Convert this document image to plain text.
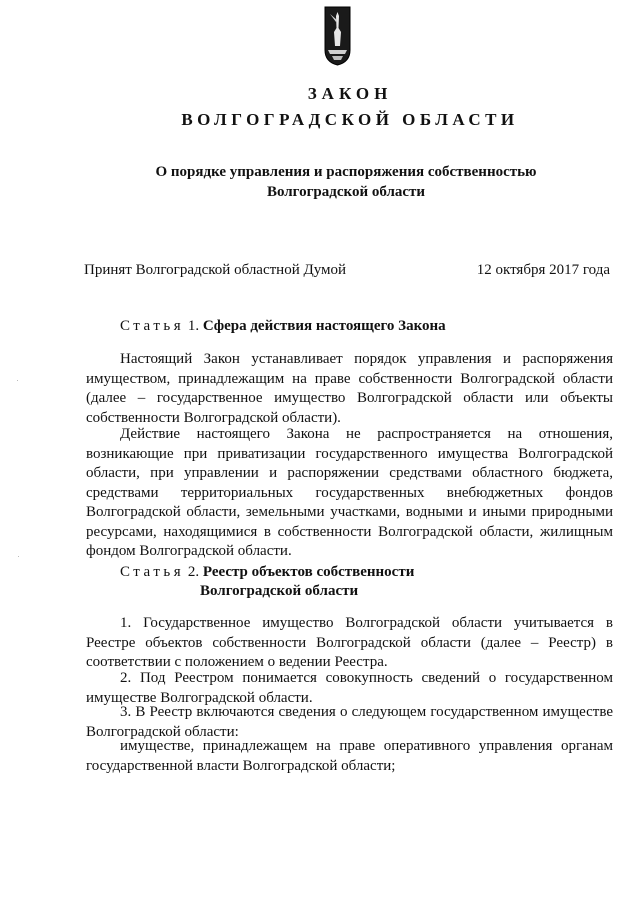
ЗАКОН
ВОЛГОГРАДСКОЙ ОБЛАСТИ
О порядке управления и распоряжения собственностью
Волгоградской области
Принят Волгоградской областной Думой	12 октября 2017 года
Статья 1. Сфера действия настоящего Закона

Настоящий Закон устанавливает порядок управления и распоряжения имуществом, принадлежащим на праве собственности Волгоградской области (далее – государственное имущество Волгоградской области или объекты собственности Волгоградской области).

Действие настоящего Закона не распространяется на отношения, возникающие при приватизации государственного имущества Волгоградской области, при управлении и распоряжении средствами областного бюджета, средствами территориальных государственных внебюджетных фондов Волгоградской области, земельными участками, водными и иными природными ресурсами, находящимися в собственности Волгоградской области, жилищным фондом Волгоградской области.

Статья 2. Реестр объектов собственности
Волгоградской области

1. Государственное имущество Волгоградской области учитывается в Реестре объектов собственности Волгоградской области (далее – Реестр) в соответствии с положением о ведении Реестра.

2. Под Реестром понимается совокупность сведений о государственном имуществе Волгоградской области.

3. В Реестр включаются сведения о следующем государственном имуществе Волгоградской области:

имуществе, принадлежащем на праве оперативного управления органам государственной власти Волгоградской области;
